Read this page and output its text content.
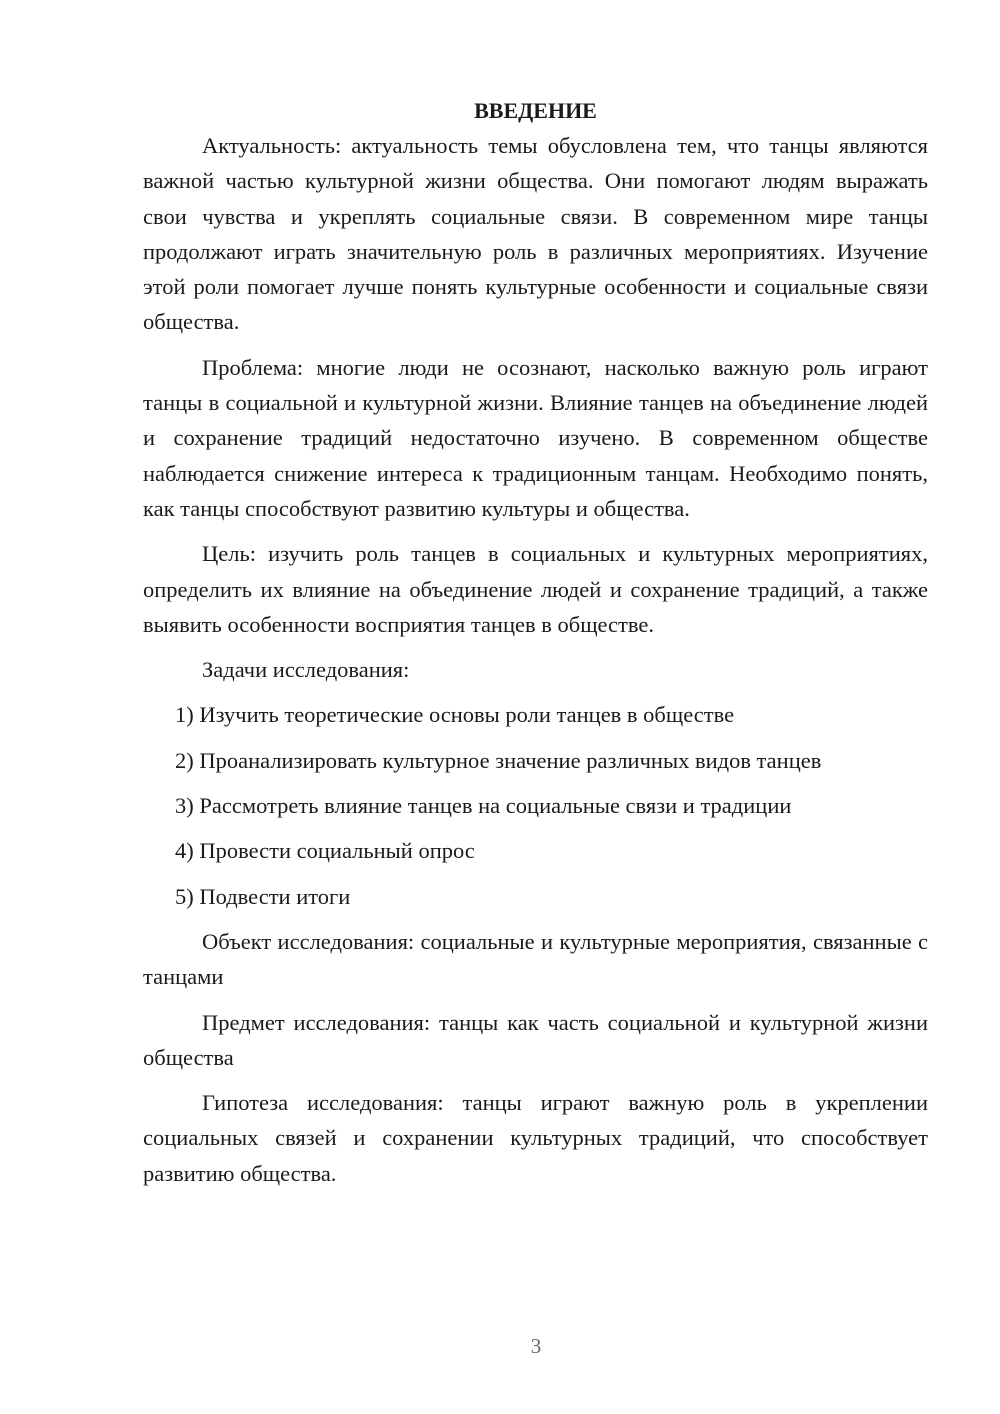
ВВЕДЕНИЕ

Актуальность: актуальность темы обусловлена тем, что танцы являются важной частью культурной жизни общества. Они помогают людям выражать свои чувства и укреплять социальные связи. В современном мире танцы продолжают играть значительную роль в различных мероприятиях. Изучение этой роли помогает лучше понять культурные особенности и социальные связи общества.

Проблема: многие люди не осознают, насколько важную роль играют танцы в социальной и культурной жизни. Влияние танцев на объединение людей и сохранение традиций недостаточно изучено. В современном обществе наблюдается снижение интереса к традиционным танцам. Необходимо понять, как танцы способствуют развитию культуры и общества.

Цель: изучить роль танцев в социальных и культурных мероприятиях, определить их влияние на объединение людей и сохранение традиций, а также выявить особенности восприятия танцев в обществе.

Задачи исследования:

1) Изучить теоретические основы роли танцев в обществе
2) Проанализировать культурное значение различных видов танцев
3) Рассмотреть влияние танцев на социальные связи и традиции
4) Провести социальный опрос
5) Подвести итоги

Объект исследования: социальные и культурные мероприятия, связанные с танцами

Предмет исследования: танцы как часть социальной и культурной жизни общества

Гипотеза исследования: танцы играют важную роль в укреплении социальных связей и сохранении культурных традиций, что способствует развитию общества.

3
